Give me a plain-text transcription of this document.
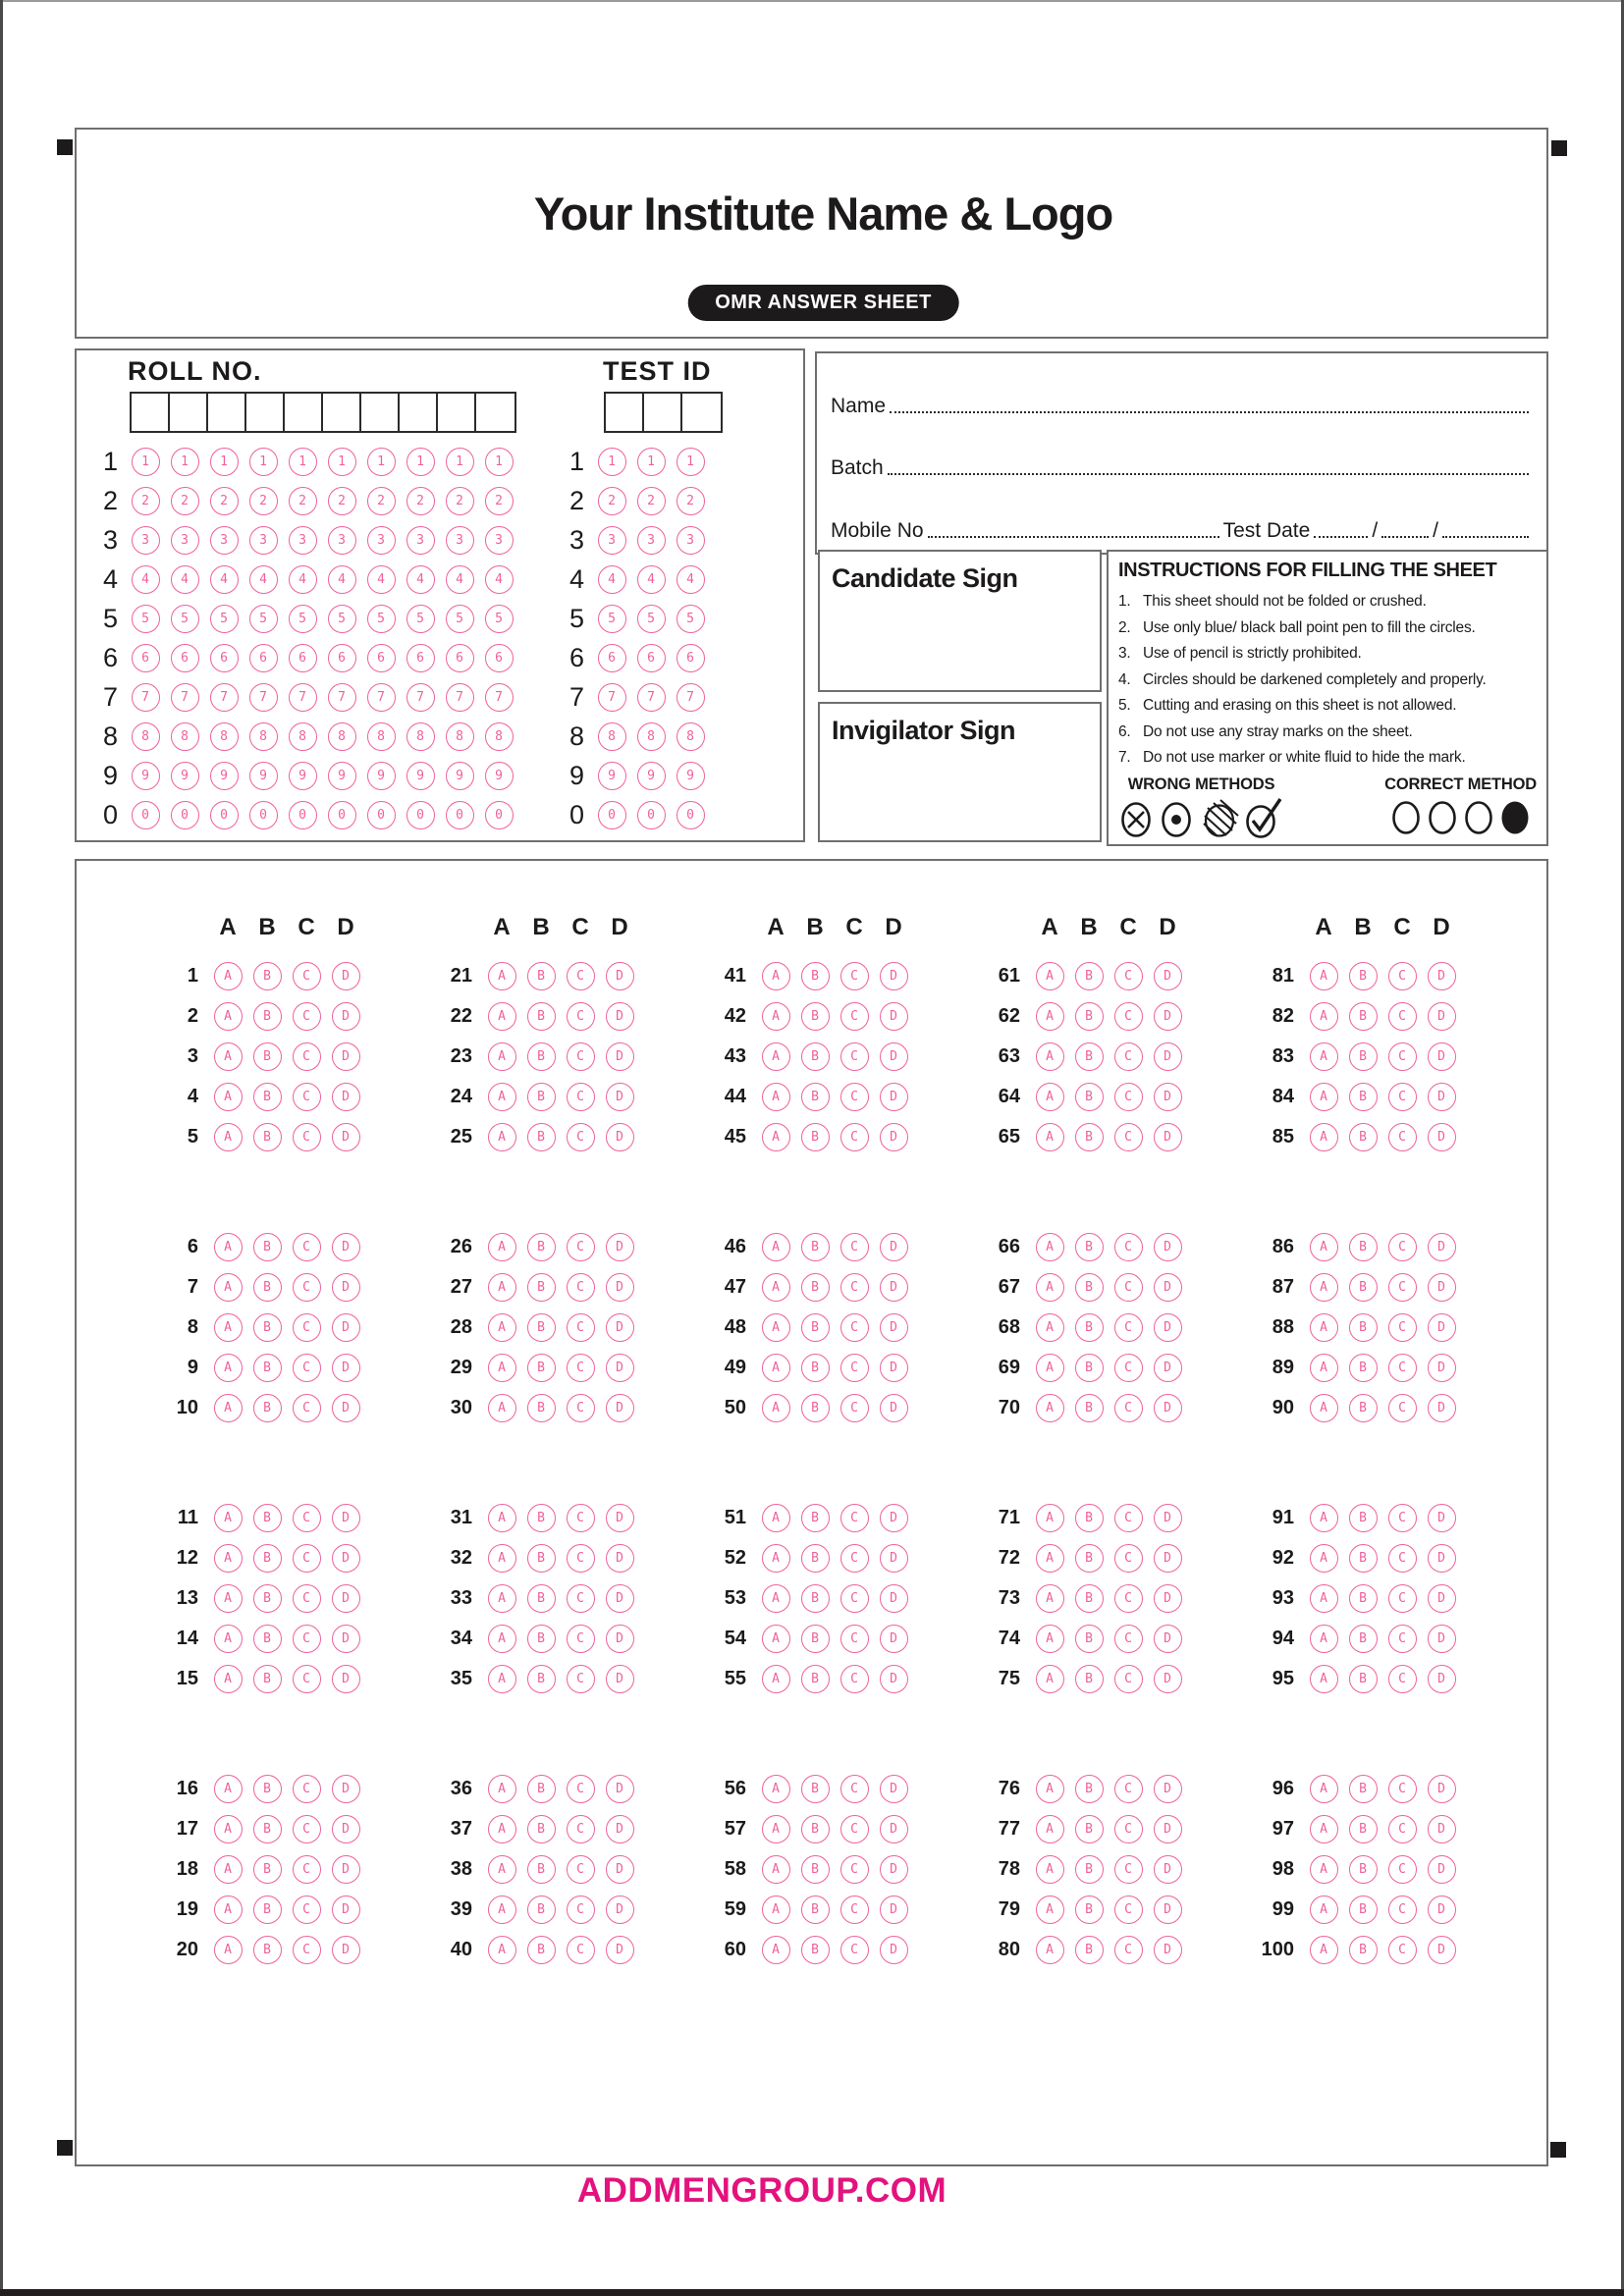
Your Institute Name & Logo
OMR ANSWER SHEET
ROLL NO.	TEST ID
1	1	1	1	1	1	1	1	1	1	1	1	1	1	1
2	2	2	2	2	2	2	2	2	2	2	2	2	2	2
3	3	3	3	3	3	3	3	3	3	3	3	3	3	3
4	4	4	4	4	4	4	4	4	4	4	4	4	4	4
5	5	5	5	5	5	5	5	5	5	5	5	5	5	5
6	6	6	6	6	6	6	6	6	6	6	6	6	6	6
7	7	7	7	7	7	7	7	7	7	7	7	7	7	7
8	8	8	8	8	8	8	8	8	8	8	8	8	8	8
9	9	9	9	9	9	9	9	9	9	9	9	9	9	9
0	0	0	0	0	0	0	0	0	0	0	0	0	0	0
Name
Batch
Mobile No	Test Date	/	/
Candidate Sign
Invigilator Sign
INSTRUCTIONS FOR FILLING THE SHEET
1. This sheet should not be folded or crushed.
2. Use only blue/ black ball point pen to fill the circles.
3. Use of pencil is strictly prohibited.
4. Circles should be darkened completely and properly.
5. Cutting and erasing on this sheet is not allowed.
6. Do not use any stray marks on the sheet.
7. Do not use marker or white fluid to hide the mark.
WRONG METHODS	CORRECT METHOD
A B C D
1	A	B	C	D
2	A	B	C	D
3	A	B	C	D
4	A	B	C	D
5	A	B	C	D
6	A	B	C	D
7	A	B	C	D
8	A	B	C	D
9	A	B	C	D
10	A	B	C	D
11	A	B	C	D
12	A	B	C	D
13	A	B	C	D
14	A	B	C	D
15	A	B	C	D
16	A	B	C	D
17	A	B	C	D
18	A	B	C	D
19	A	B	C	D
20	A	B	C	D
A B C D
21	A	B	C	D
22	A	B	C	D
23	A	B	C	D
24	A	B	C	D
25	A	B	C	D
26	A	B	C	D
27	A	B	C	D
28	A	B	C	D
29	A	B	C	D
30	A	B	C	D
31	A	B	C	D
32	A	B	C	D
33	A	B	C	D
34	A	B	C	D
35	A	B	C	D
36	A	B	C	D
37	A	B	C	D
38	A	B	C	D
39	A	B	C	D
40	A	B	C	D
A B C D
41	A	B	C	D
42	A	B	C	D
43	A	B	C	D
44	A	B	C	D
45	A	B	C	D
46	A	B	C	D
47	A	B	C	D
48	A	B	C	D
49	A	B	C	D
50	A	B	C	D
51	A	B	C	D
52	A	B	C	D
53	A	B	C	D
54	A	B	C	D
55	A	B	C	D
56	A	B	C	D
57	A	B	C	D
58	A	B	C	D
59	A	B	C	D
60	A	B	C	D
A B C D
61	A	B	C	D
62	A	B	C	D
63	A	B	C	D
64	A	B	C	D
65	A	B	C	D
66	A	B	C	D
67	A	B	C	D
68	A	B	C	D
69	A	B	C	D
70	A	B	C	D
71	A	B	C	D
72	A	B	C	D
73	A	B	C	D
74	A	B	C	D
75	A	B	C	D
76	A	B	C	D
77	A	B	C	D
78	A	B	C	D
79	A	B	C	D
80	A	B	C	D
A B C D
81	A	B	C	D
82	A	B	C	D
83	A	B	C	D
84	A	B	C	D
85	A	B	C	D
86	A	B	C	D
87	A	B	C	D
88	A	B	C	D
89	A	B	C	D
90	A	B	C	D
91	A	B	C	D
92	A	B	C	D
93	A	B	C	D
94	A	B	C	D
95	A	B	C	D
96	A	B	C	D
97	A	B	C	D
98	A	B	C	D
99	A	B	C	D
100	A	B	C	D
ADDMENGROUP.COM
